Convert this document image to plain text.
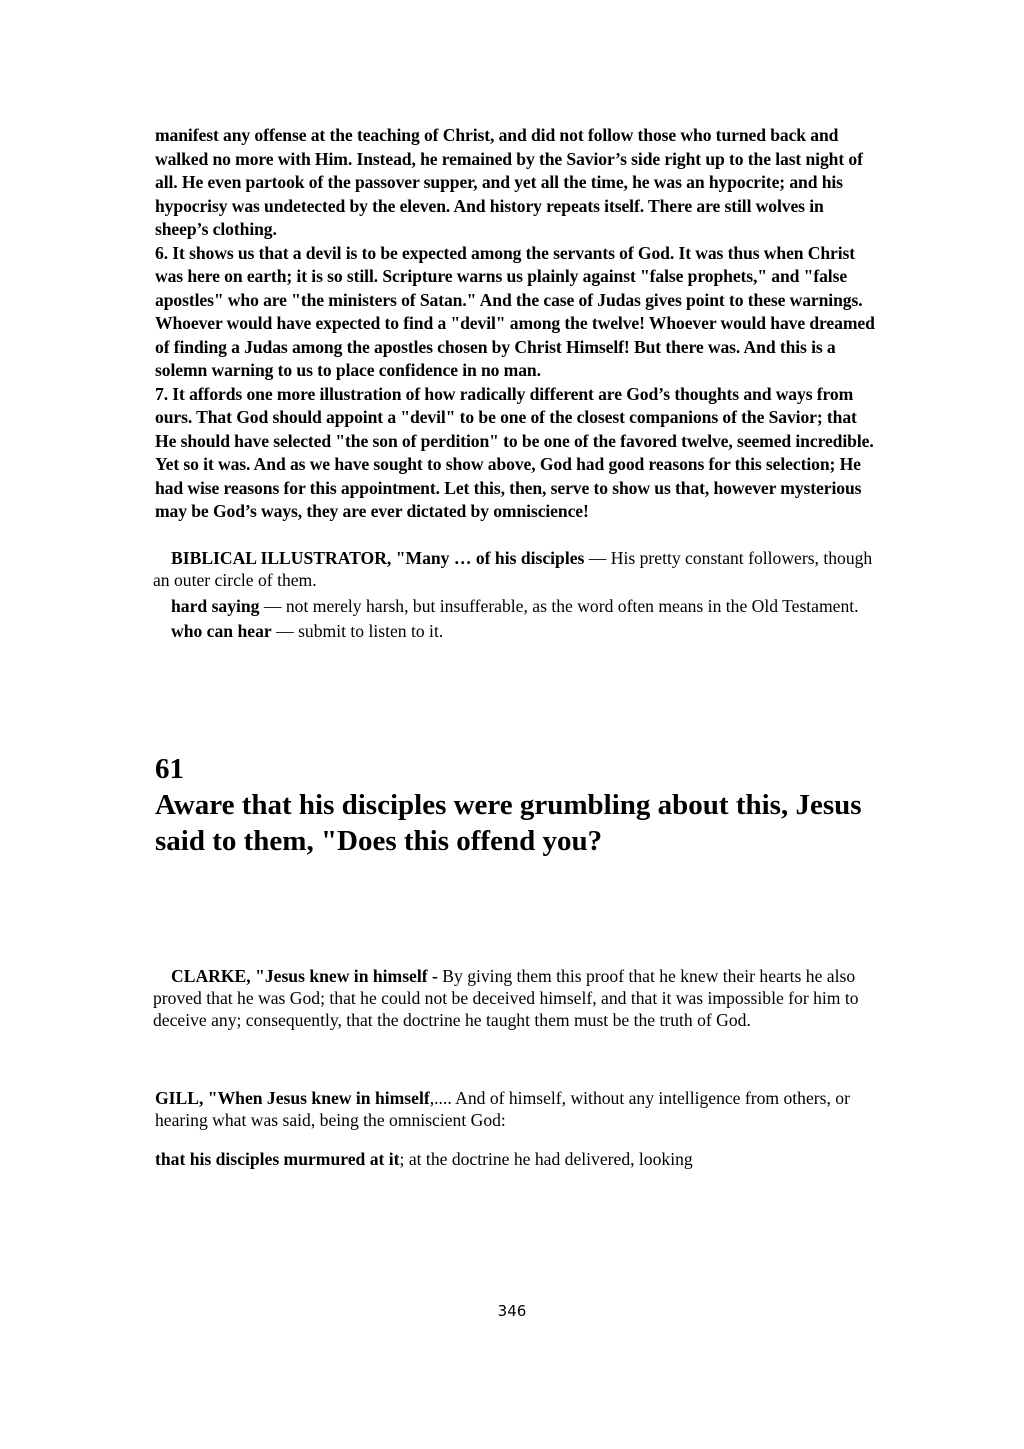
manifest any offense at the teaching of Christ, and did not follow those who turned back and walked no more with Him. Instead, he remained by the Savior’s side right up to the last night of all. He even partook of the passover supper, and yet all the time, he was an hypocrite; and his hypocrisy was undetected by the eleven. And history repeats itself. There are still wolves in sheep’s clothing.

6. It shows us that a devil is to be expected among the servants of God. It was thus when Christ was here on earth; it is so still. Scripture warns us plainly against "false prophets," and "false apostles" who are "the ministers of Satan." And the case of Judas gives point to these warnings. Whoever would have expected to find a "devil" among the twelve! Whoever would have dreamed of finding a Judas among the apostles chosen by Christ Himself! But there was. And this is a solemn warning to us to place confidence in no man.

7. It affords one more illustration of how radically different are God’s thoughts and ways from ours. That God should appoint a "devil" to be one of the closest companions of the Savior; that He should have selected "the son of perdition" to be one of the favored twelve, seemed incredible. Yet so it was. And as we have sought to show above, God had good reasons for this selection; He had wise reasons for this appointment. Let this, then, serve to show us that, however mysterious may be God’s ways, they are ever dictated by omniscience!

BIBLICAL ILLUSTRATOR, "Many … of his disciples — His pretty constant followers, though an outer circle of them.

hard saying — not merely harsh, but insufferable, as the word often means in the Old Testament.

who can hear — submit to listen to it.

61
Aware that his disciples were grumbling about this, Jesus said to them, "Does this offend you?

CLARKE, "Jesus knew in himself - By giving them this proof that he knew their hearts he also proved that he was God; that he could not be deceived himself, and that it was impossible for him to deceive any; consequently, that the doctrine he taught them must be the truth of God.

GILL, "When Jesus knew in himself,.... And of himself, without any intelligence from others, or hearing what was said, being the omniscient God:

that his disciples murmured at it; at the doctrine he had delivered, looking

346
